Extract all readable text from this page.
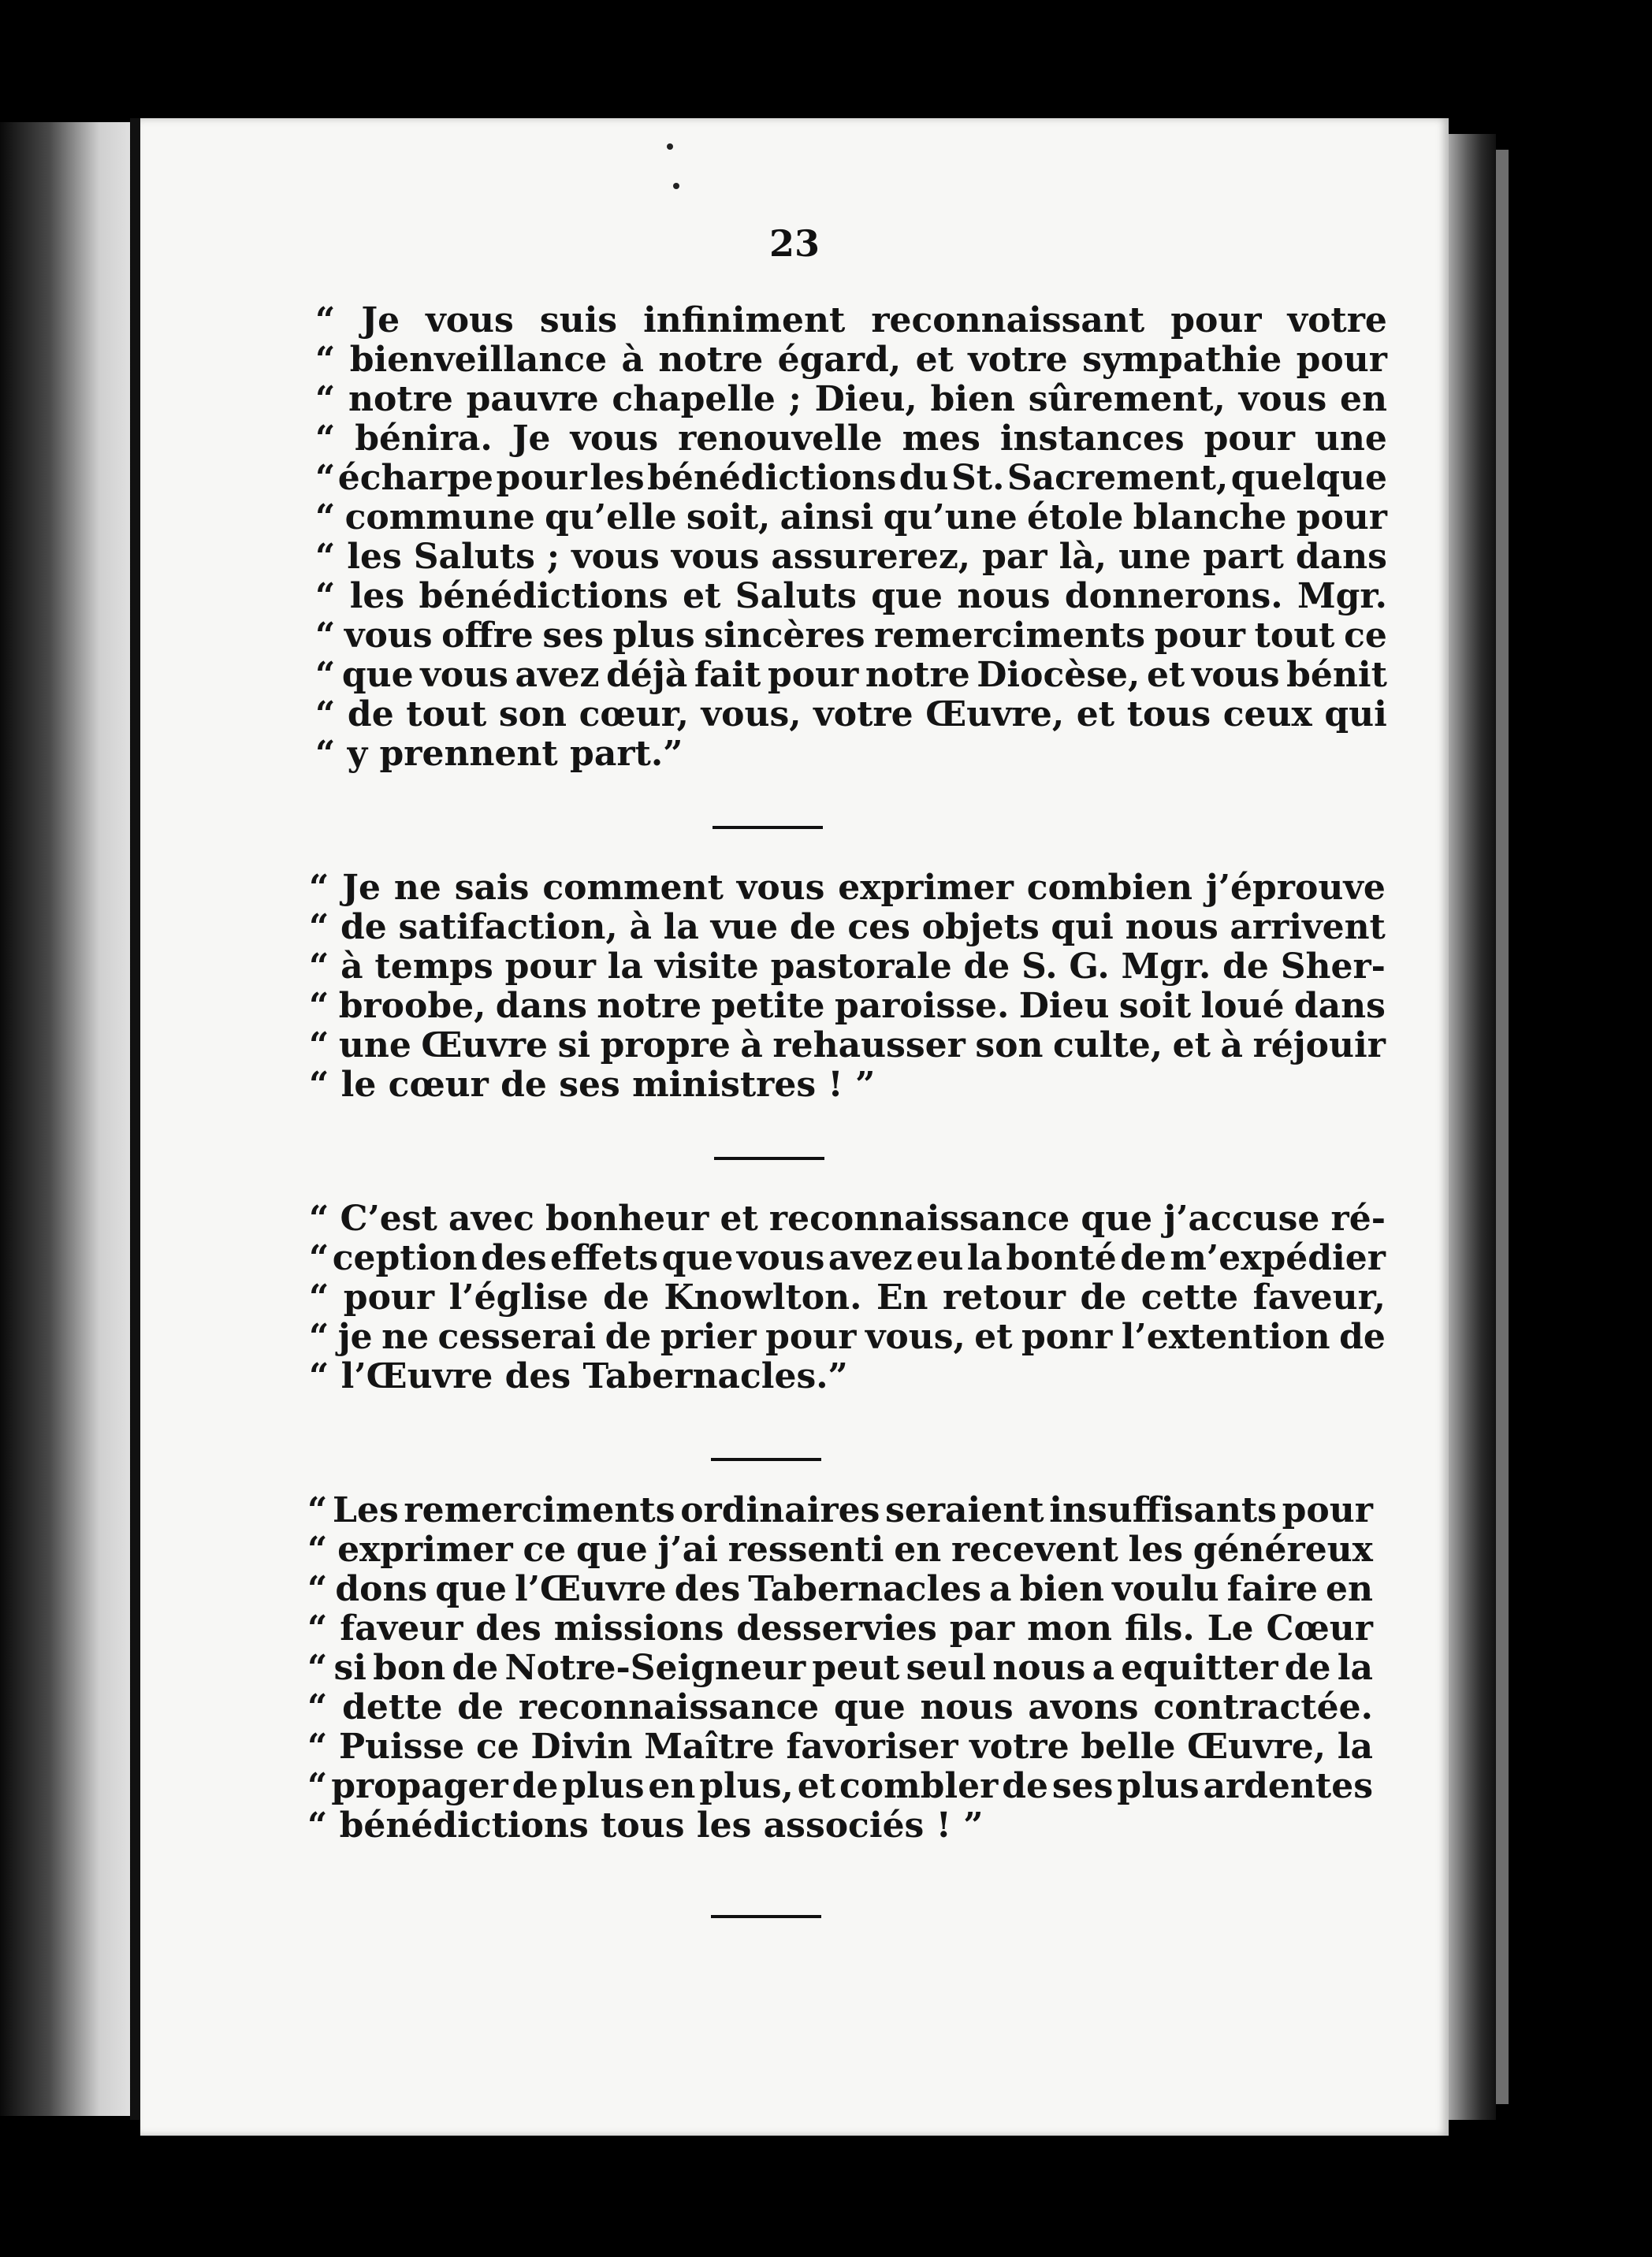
23
“ Je vous suis infiniment reconnaissant pour votre
“ bienveillance à notre égard, et votre sympathie pour
“ notre pauvre chapelle ; Dieu, bien sûrement, vous en
“ bénira. Je vous renouvelle mes instances pour une
“ écharpe pour les bénédictions du St. Sacrement, quelque
“ commune qu’elle soit, ainsi qu’une étole blanche pour
“ les Saluts ; vous vous assurerez, par là, une part dans
“ les bénédictions et Saluts que nous donnerons. Mgr.
“ vous offre ses plus sincères remerciments pour tout ce
“ que vous avez déjà fait pour notre Diocèse, et vous bénit
“ de tout son cœur, vous, votre Œuvre, et tous ceux qui
“ y prennent part.”
“ Je ne sais comment vous exprimer combien j’éprouve
“ de satifaction, à la vue de ces objets qui nous arrivent
“ à temps pour la visite pastorale de S. G. Mgr. de Sher-
“ broobe, dans notre petite paroisse. Dieu soit loué dans
“ une Œuvre si propre à rehausser son culte, et à réjouir
“ le cœur de ses ministres ! ”
“ C’est avec bonheur et reconnaissance que j’accuse ré-
“ ception des effets que vous avez eu la bonté de m’expédier
“ pour l’église de Knowlton. En retour de cette faveur,
“ je ne cesserai de prier pour vous, et ponr l’extention de
“ l’Œuvre des Tabernacles.”
“ Les remerciments ordinaires seraient insuffisants pour
“ exprimer ce que j’ai ressenti en recevent les généreux
“ dons que l’Œuvre des Tabernacles a bien voulu faire en
“ faveur des missions desservies par mon fils. Le Cœur
“ si bon de Notre-Seigneur peut seul nous a equitter de la
“ dette de reconnaissance que nous avons contractée.
“ Puisse ce Divin Maître favoriser votre belle Œuvre, la
“ propager de plus en plus, et combler de ses plus ardentes
“ bénédictions tous les associés ! ”
